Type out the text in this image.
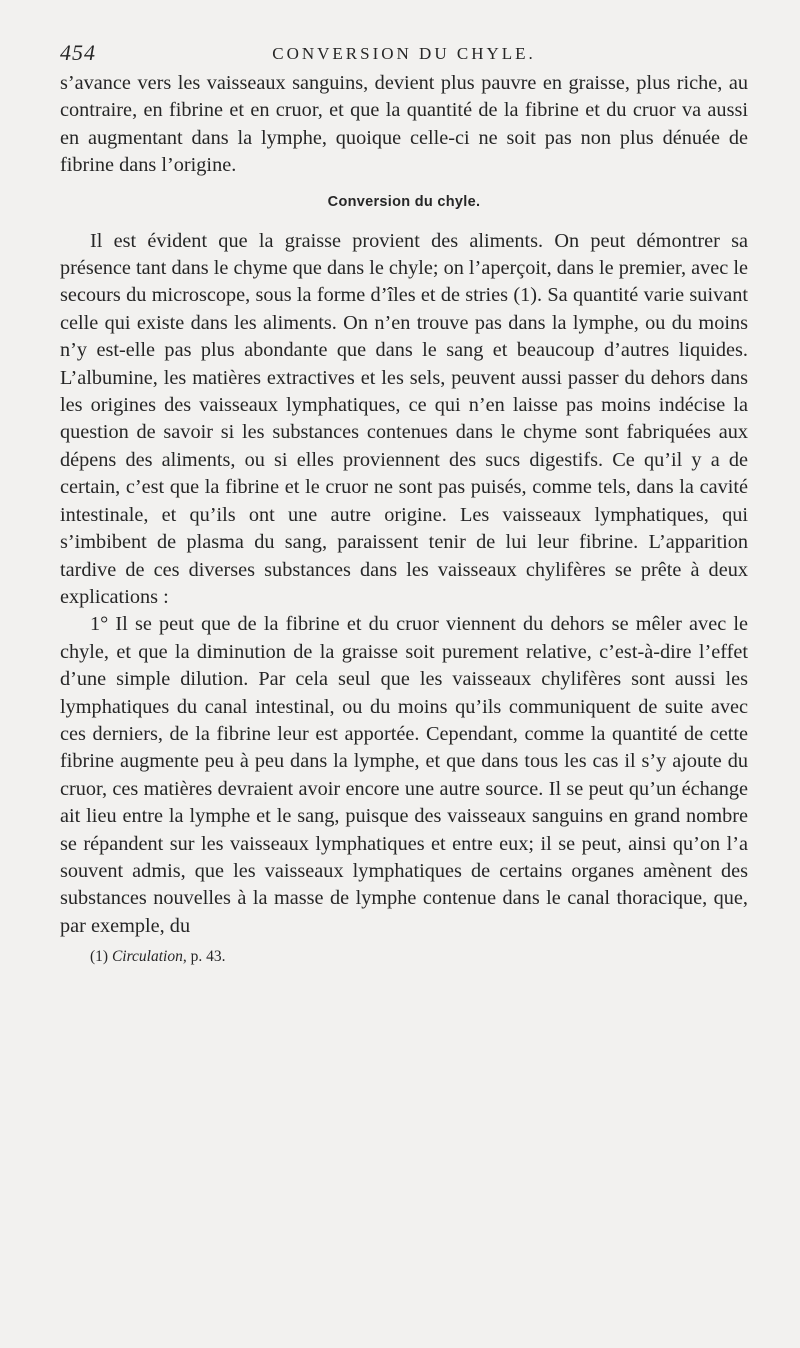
454	CONVERSION DU CHYLE.

s’avance vers les vaisseaux sanguins, devient plus pauvre en graisse, plus riche, au contraire, en fibrine et en cruor, et que la quantité de la fibrine et du cruor va aussi en augmentant dans la lymphe, quoique celle-ci ne soit pas non plus dénuée de fibrine dans l’origine.

Conversion du chyle.

Il est évident que la graisse provient des aliments. On peut démontrer sa présence tant dans le chyme que dans le chyle; on l’aperçoit, dans le premier, avec le secours du microscope, sous la forme d’îles et de stries (1). Sa quantité varie suivant celle qui existe dans les aliments. On n’en trouve pas dans la lymphe, ou du moins n’y est-elle pas plus abondante que dans le sang et beaucoup d’autres liquides. L’albumine, les matières extractives et les sels, peuvent aussi passer du dehors dans les origines des vaisseaux lymphatiques, ce qui n’en laisse pas moins indécise la question de savoir si les substances contenues dans le chyme sont fabriquées aux dépens des aliments, ou si elles proviennent des sucs digestifs. Ce qu’il y a de certain, c’est que la fibrine et le cruor ne sont pas puisés, comme tels, dans la cavité intestinale, et qu’ils ont une autre origine. Les vaisseaux lymphatiques, qui s’imbibent de plasma du sang, paraissent tenir de lui leur fibrine. L’apparition tardive de ces diverses substances dans les vaisseaux chylifères se prête à deux explications :

1° Il se peut que de la fibrine et du cruor viennent du dehors se mêler avec le chyle, et que la diminution de la graisse soit purement relative, c’est-à-dire l’effet d’une simple dilution. Par cela seul que les vaisseaux chylifères sont aussi les lymphatiques du canal intestinal, ou du moins qu’ils communiquent de suite avec ces derniers, de la fibrine leur est apportée. Cependant, comme la quantité de cette fibrine augmente peu à peu dans la lymphe, et que dans tous les cas il s’y ajoute du cruor, ces matières devraient avoir encore une autre source. Il se peut qu’un échange ait lieu entre la lymphe et le sang, puisque des vaisseaux sanguins en grand nombre se répandent sur les vaisseaux lymphatiques et entre eux; il se peut, ainsi qu’on l’a souvent admis, que les vaisseaux lymphatiques de certains organes amènent des substances nouvelles à la masse de lymphe contenue dans le canal thoracique, que, par exemple, du

(1) Circulation, p. 43.
